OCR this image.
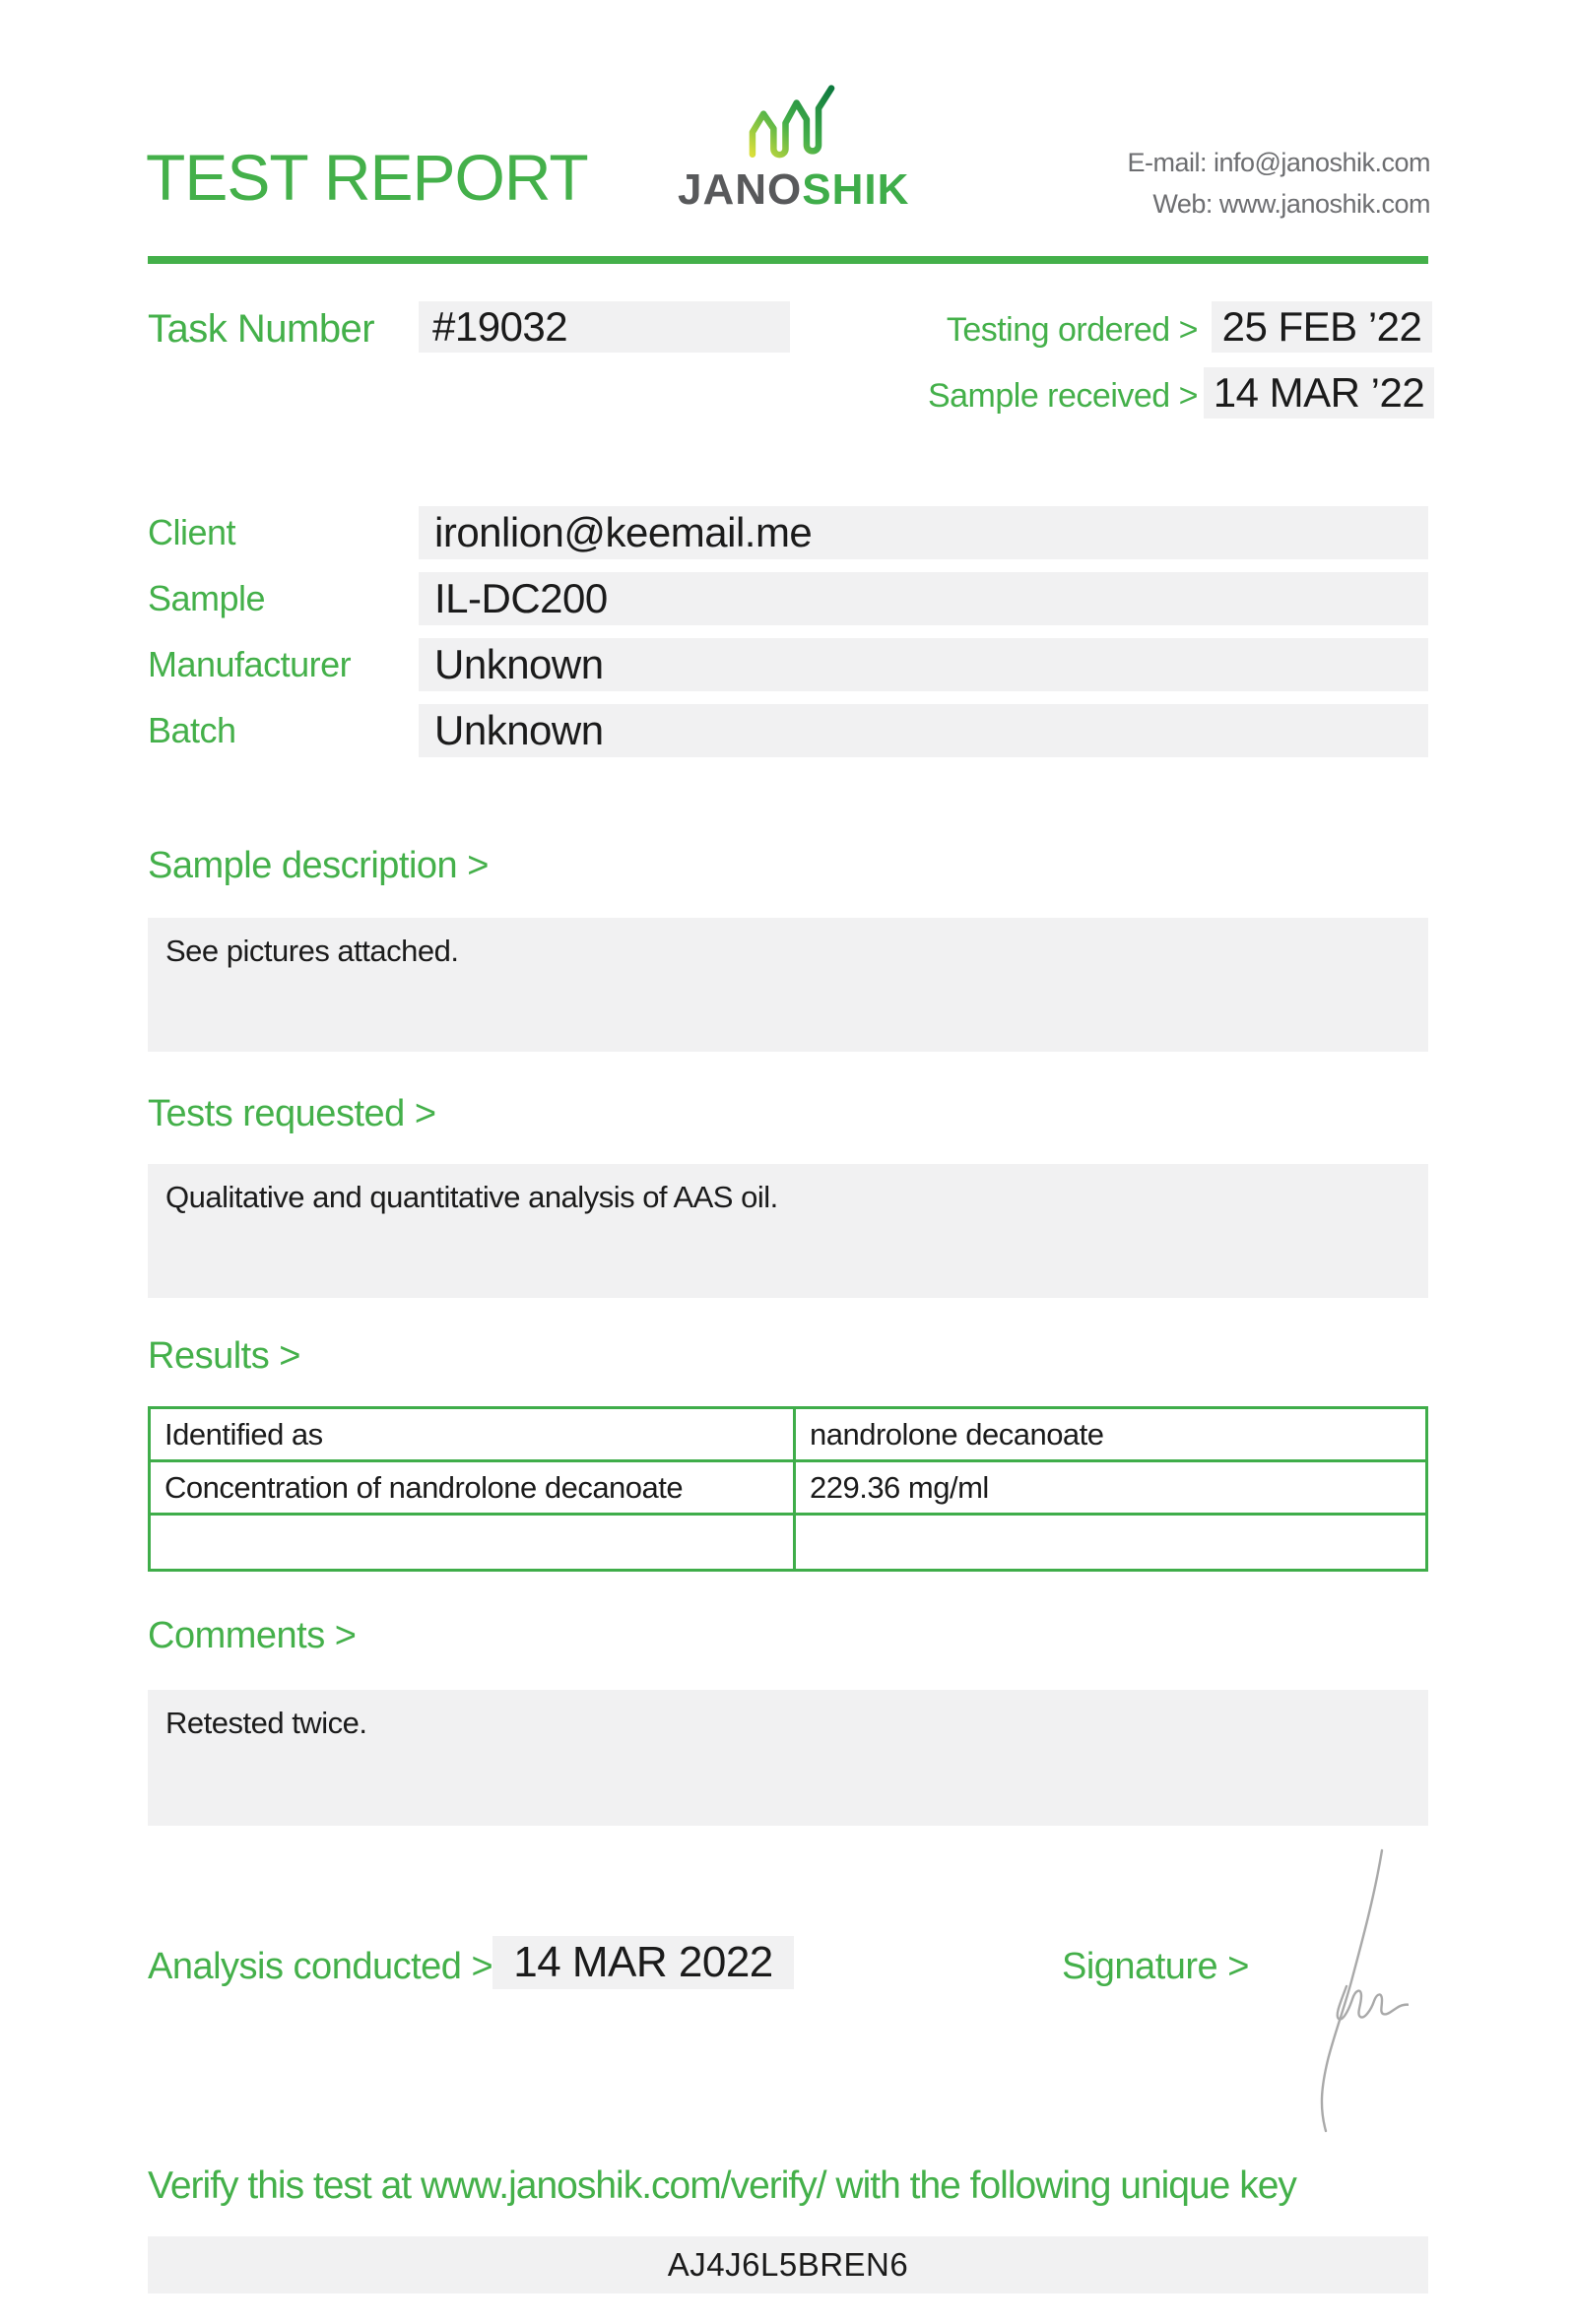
TEST REPORT JANOSHIK
E-mail: info@janoshik.com
Web: www.janoshik.com
Task Number	#19032	Testing ordered > 25 FEB ’22
Sample received > 14 MAR ’22
Client	ironlion@keemail.me
Sample	IL-DC200
Manufacturer	Unknown
Batch	Unknown
Sample description >

See pictures attached.

Tests requested >

Qualitative and quantitative analysis of AAS oil.

Results >
Identified as	nandrolone decanoate
Concentration of nandrolone decanoate	229.36 mg/ml

Comments >

Retested twice.

Analysis conducted > 14 MAR 2022	Signature >
Verify this test at www.janoshik.com/verify/ with the following unique key
AJ4J6L5BREN6
